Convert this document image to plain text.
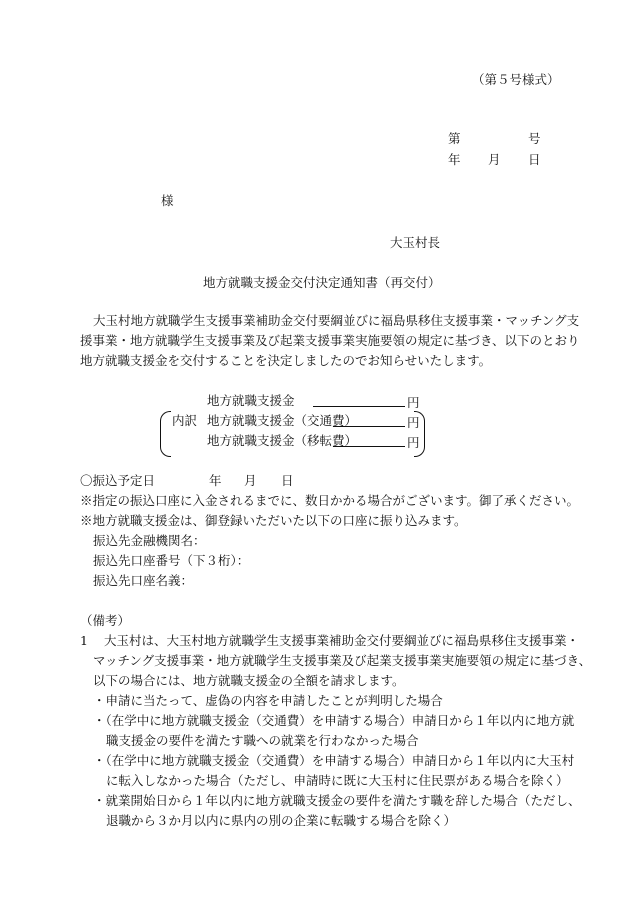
（第５号様式）
第	号
年 月 日
様
大玉村長
地方就職支援金交付決定通知書（再交付）
大玉村地方就職学生支援事業補助金交付要綱並びに福島県移住支援事業・マッチング支
援事業・地方就職学生支援事業及び起業支援事業実施要領の規定に基づき、以下のとおり
地方就職支援金を交付することを決定しましたのでお知らせいたします。
地方就職支援金	円
内訳 地方就職支援金（交通費）	円
地方就職支援金（移転費）	円
〇振込予定日	年 月 日
※指定の振込口座に入金されるまでに、数日かかる場合がございます。御了承ください。
※地方就職支援金は、御登録いただいた以下の口座に振り込みます。
振込先金融機関名：
振込先口座番号（下３桁）：
振込先口座名義：
（備考）
1 大玉村は、大玉村地方就職学生支援事業補助金交付要綱並びに福島県移住支援事業・
マッチング支援事業・地方就職学生支援事業及び起業支援事業実施要領の規定に基づき、
以下の場合には、地方就職支援金の全額を請求します。
・申請に当たって、虚偽の内容を申請したことが判明した場合
・（在学中に地方就職支援金（交通費）を申請する場合）申請日から１年以内に地方就
職支援金の要件を満たす職への就業を行わなかった場合
・（在学中に地方就職支援金（交通費）を申請する場合）申請日から１年以内に大玉村
に転入しなかった場合（ただし、申請時に既に大玉村に住民票がある場合を除く）
・就業開始日から１年以内に地方就職支援金の要件を満たす職を辞した場合（ただし、
退職から３か月以内に県内の別の企業に転職する場合を除く）
